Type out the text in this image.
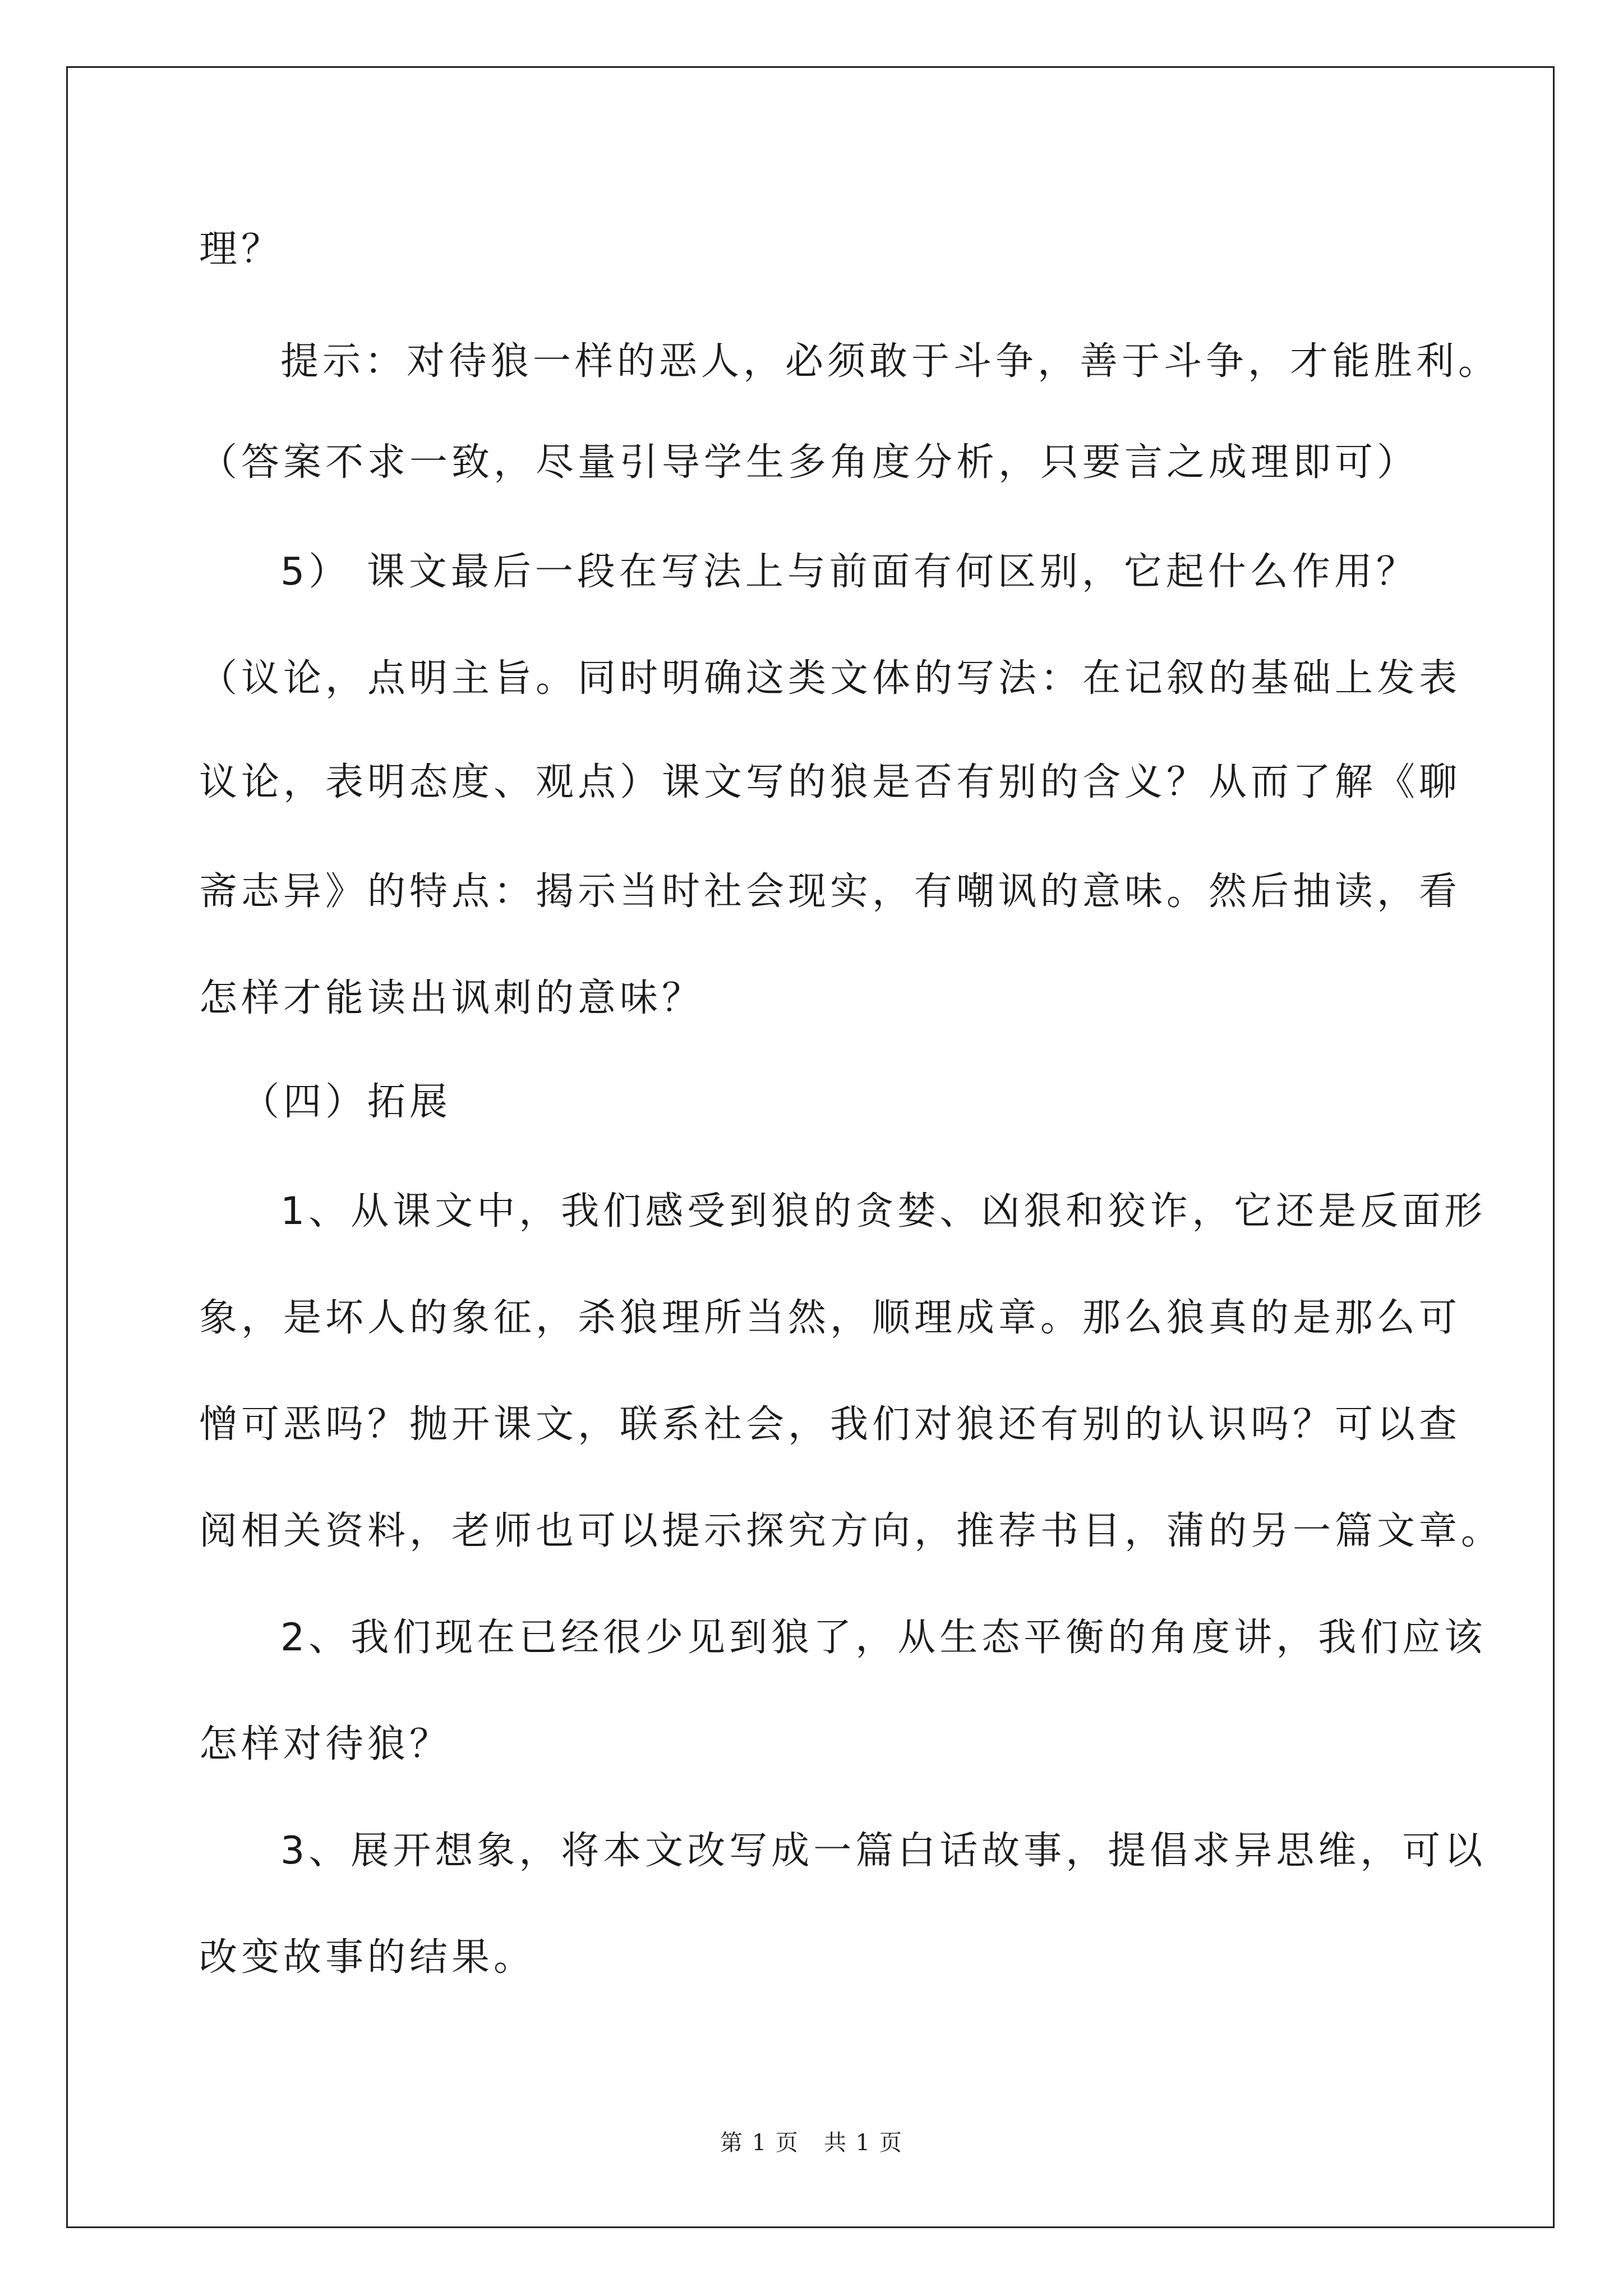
理？
提示：对待狼一样的恶人，必须敢于斗争，善于斗争，才能胜利。
（答案不求一致，尽量引导学生多角度分析，只要言之成理即可）
5） 课文最后一段在写法上与前面有何区别，它起什么作用？
（议论，点明主旨。同时明确这类文体的写法：在记叙的基础上发表
议论，表明态度、观点）课文写的狼是否有别的含义？从而了解《聊
斋志异》的特点：揭示当时社会现实，有嘲讽的意味。然后抽读，看
怎样才能读出讽刺的意味？
（四）拓展
1、从课文中，我们感受到狼的贪婪、凶狠和狡诈，它还是反面形
象，是坏人的象征，杀狼理所当然，顺理成章。那么狼真的是那么可
憎可恶吗？抛开课文，联系社会，我们对狼还有别的认识吗？可以查
阅相关资料，老师也可以提示探究方向，推荐书目，蒲的另一篇文章。
2、我们现在已经很少见到狼了，从生态平衡的角度讲，我们应该
怎样对待狼？
3、展开想象，将本文改写成一篇白话故事，提倡求异思维，可以
改变故事的结果。
第 1 页   共 1 页
